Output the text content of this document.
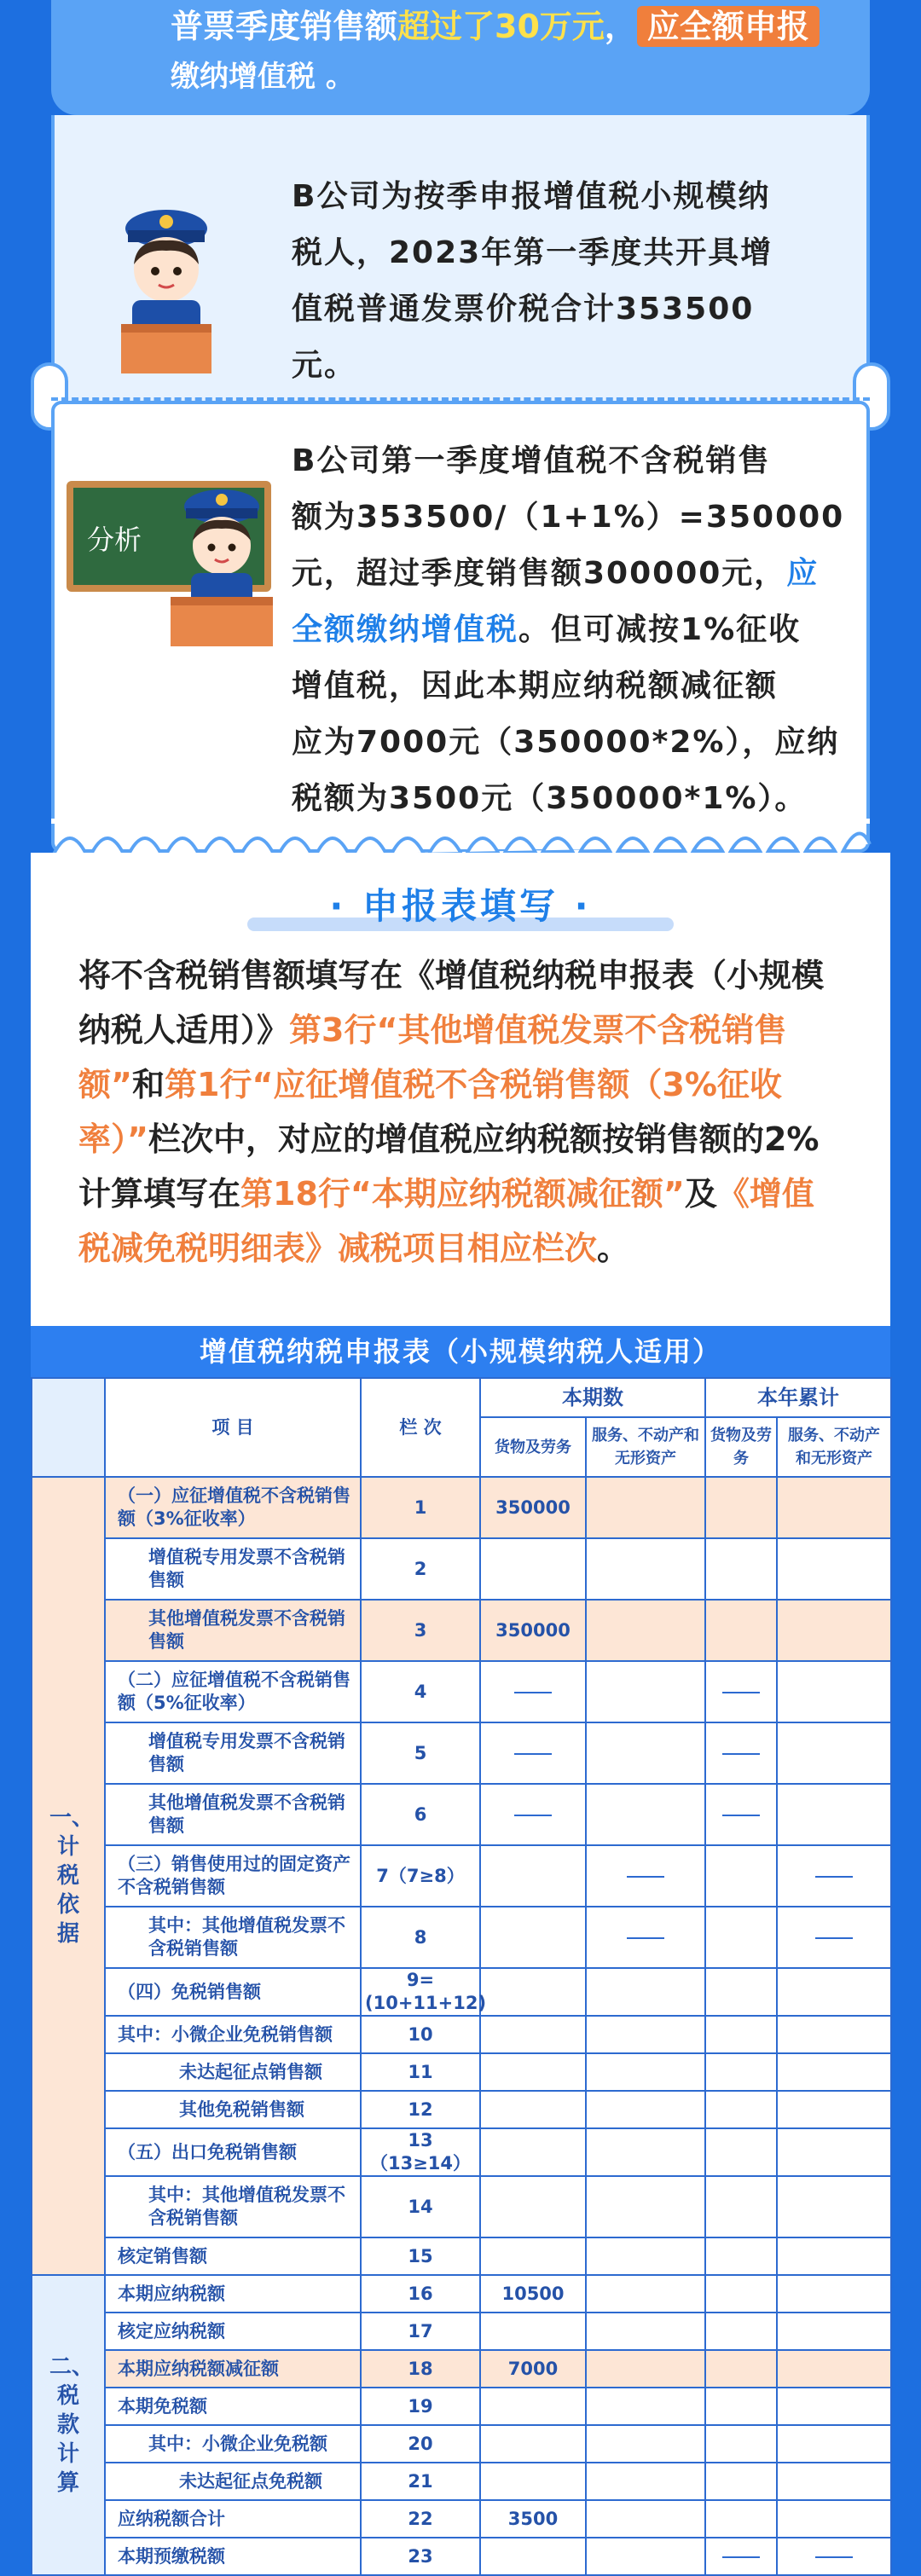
普票季度销售额超过了30万元， 应全额申报
缴纳增值税 。
B公司为按季申报增值税小规模纳
税人，2023年第一季度共开具增
值税普通发票价税合计353500
元。
分析
B公司第一季度增值税不含税销售
额为353500/（1+1%）=350000
元，超过季度销售额300000元，应
全额缴纳增值税。但可减按1%征收
增值税，因此本期应纳税额减征额
应为7000元（350000*2%），应纳
税额为3500元（350000*1%）。
· 申报表填写 ·
将不含税销售额填写在《增值税纳税申报表（小规模纳税人适用）》第3行“其他增值税发票不含税销售额”和第1行“应征增值税不含税销售额（3%征收率）”栏次中，对应的增值税应纳税额按销售额的2%计算填写在第18行“本期应纳税额减征额”及《增值税减免税明细表》减税项目相应栏次。
增值税纳税申报表（小规模纳税人适用）
	项 目	栏 次	本期数		本年累计	
			货物及劳务	服务、不动产和无形资产	货物及劳务	服务、不动产和无形资产
一、计税依据	（一）应征增值税不含税销售额（3%征收率）	1	350000			
	增值税专用发票不含税销售额	2				
	其他增值税发票不含税销售额	3	350000			
	（二）应征增值税不含税销售额（5%征收率）	4				
	增值税专用发票不含税销售额	5				
	其他增值税发票不含税销售额	6				
	（三）销售使用过的固定资产不含税销售额	7（7≥8）				
	其中：其他增值税发票不含税销售额	8				
	（四）免税销售额	9=(10+11+12)				
	其中：小微企业免税销售额	10				
	未达起征点销售额	11				
	其他免税销售额	12				
	（五）出口免税销售额	13（13≥14）				
	其中：其他增值税发票不含税销售额	14				
	核定销售额	15				
二、税款计算	本期应纳税额	16	10500			
	核定应纳税额	17				
	本期应纳税额减征额	18	7000			
	本期免税额	19				
	其中：小微企业免税额	20				
	未达起征点免税额	21				
	应纳税额合计	22	3500			
	本期预缴税额	23				
